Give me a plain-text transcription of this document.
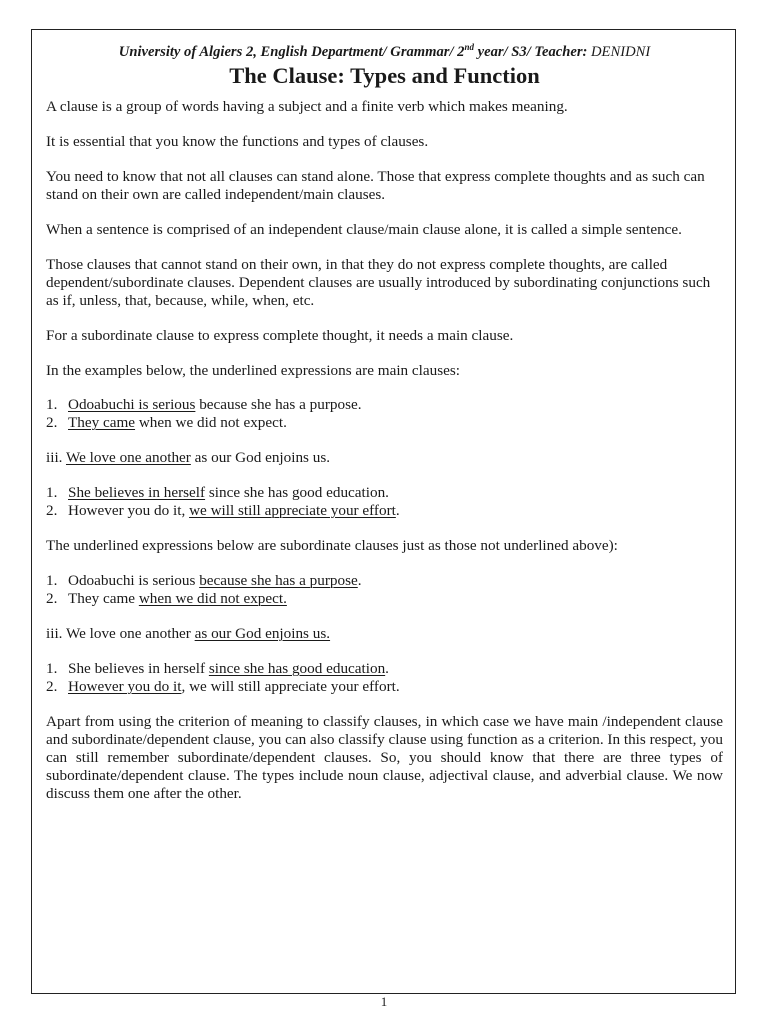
University of Algiers 2, English Department/ Grammar/ 2nd year/ S3/ Teacher: DENIDNI
The Clause: Types and Function

A clause is a group of words having a subject and a finite verb which makes meaning.

It is essential that you know the functions and types of clauses.

You need to know that not all clauses can stand alone. Those that express complete thoughts and as such can stand on their own are called independent/main clauses.

When a sentence is comprised of an independent clause/main clause alone, it is called a simple sentence.

Those clauses that cannot stand on their own, in that they do not express complete thoughts, are called dependent/subordinate clauses. Dependent clauses are usually introduced by subordinating conjunctions such as if, unless, that, because, while, when, etc.

For a subordinate clause to express complete thought, it needs a main clause.

In the examples below, the underlined expressions are main clauses:

1. Odoabuchi is serious because she has a purpose.
2. They came when we did not expect.

iii. We love one another as our God enjoins us.

1. She believes in herself since she has good education.
2. However you do it, we will still appreciate your effort.

The underlined expressions below are subordinate clauses just as those not underlined above):

1. Odoabuchi is serious because she has a purpose.
2. They came when we did not expect.

iii. We love one another as our God enjoins us.

1. She believes in herself since she has good education.
2. However you do it, we will still appreciate your effort.

Apart from using the criterion of meaning to classify clauses, in which case we have main /independent clause and subordinate/dependent clause, you can also classify clause using function as a criterion. In this respect, you can still remember subordinate/dependent clauses. So, you should know that there are three types of subordinate/dependent clause. The types include noun clause, adjectival clause, and adverbial clause. We now discuss them one after the other.

1
